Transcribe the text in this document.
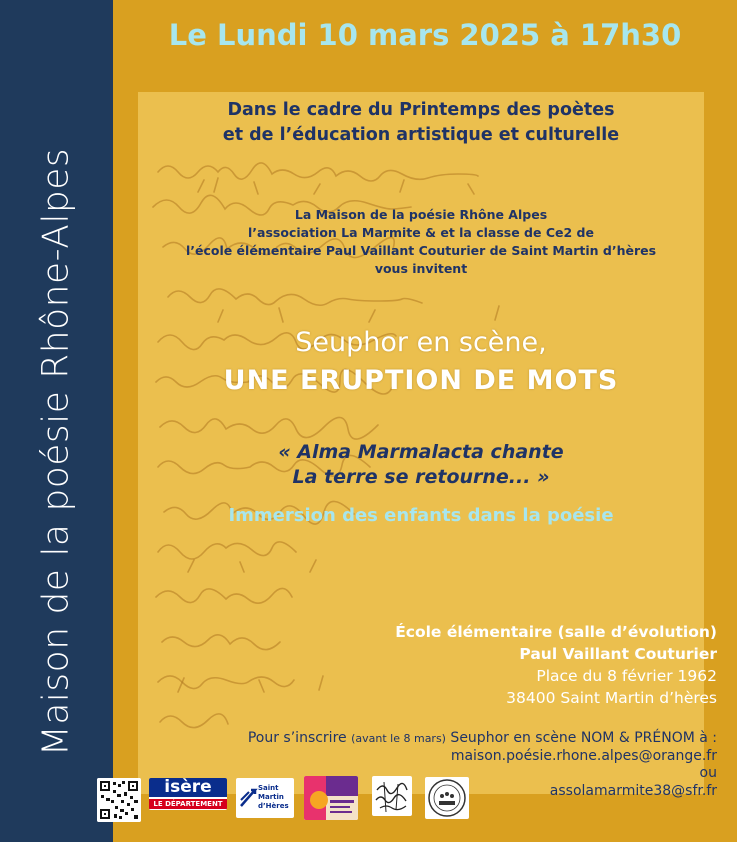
Maison de la poésie Rhône-Alpes
Le Lundi 10 mars 2025 à 17h30
Dans le cadre du Printemps des poètes
et de l’éducation artistique et culturelle
La Maison de la poésie Rhône Alpes
l’association La Marmite & et la classe de Ce2 de
l’école élémentaire Paul Vaillant Couturier de Saint Martin d’hères
vous invitent
Seuphor en scène,
UNE ERUPTION DE MOTS
« Alma Marmalacta chante
La terre se retourne... »
Immersion des enfants dans la poésie
École élémentaire (salle d’évolution)
Paul Vaillant Couturier
Place du 8 février 1962
38400 Saint Martin d’hères
Pour s’inscrire (avant le 8 mars) Seuphor en scène NOM & PRÉNOM à :
maison.poésie.rhone.alpes@orange.fr
ou
assolamarmite38@sfr.fr
isère
LE DÉPARTEMENT
Saint
Martin
d’Hères
